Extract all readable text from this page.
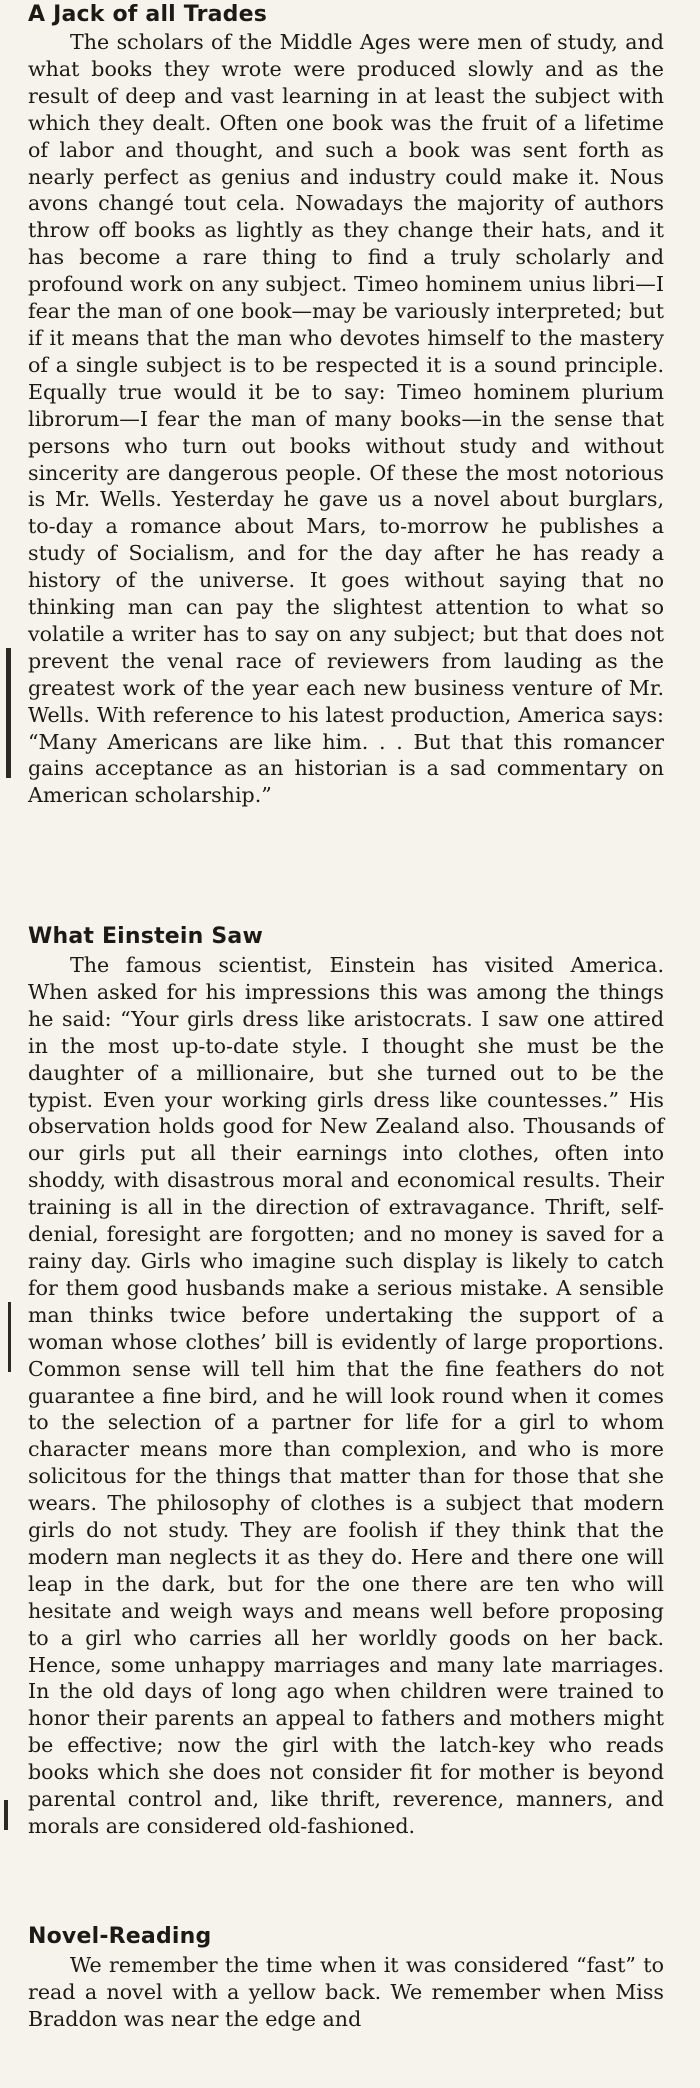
A Jack of all Trades

The scholars of the Middle Ages were men of study, and what books they wrote were produced slowly and as the result of deep and vast learning in at least the subject with which they dealt. Often one book was the fruit of a lifetime of labor and thought, and such a book was sent forth as nearly perfect as genius and industry could make it. Nous avons changé tout cela. Nowadays the majority of authors throw off books as lightly as they change their hats, and it has become a rare thing to find a truly scholarly and profound work on any subject. Timeo hominem unius libri—I fear the man of one book—may be variously interpreted; but if it means that the man who devotes himself to the mastery of a single subject is to be respected it is a sound principle. Equally true would it be to say: Timeo hominem plurium librorum—I fear the man of many books—in the sense that persons who turn out books without study and without sincerity are dangerous people. Of these the most notorious is Mr. Wells. Yesterday he gave us a novel about burglars, to-day a romance about Mars, to-morrow he publishes a study of Socialism, and for the day after he has ready a history of the universe. It goes without saying that no thinking man can pay the slightest attention to what so volatile a writer has to say on any subject; but that does not prevent the venal race of reviewers from lauding as the greatest work of the year each new business venture of Mr. Wells. With reference to his latest production, America says: “Many Americans are like him. . . But that this romancer gains acceptance as an historian is a sad commentary on American scholarship.”

What Einstein Saw

The famous scientist, Einstein has visited America. When asked for his impressions this was among the things he said: “Your girls dress like aristocrats. I saw one attired in the most up-to-date style. I thought she must be the daughter of a millionaire, but she turned out to be the typist. Even your working girls dress like countesses.” His observation holds good for New Zealand also. Thousands of our girls put all their earnings into clothes, often into shoddy, with disastrous moral and economical results. Their training is all in the direction of extravagance. Thrift, self-denial, foresight are forgotten; and no money is saved for a rainy day. Girls who imagine such display is likely to catch for them good husbands make a serious mistake. A sensible man thinks twice before undertaking the support of a woman whose clothes’ bill is evidently of large proportions. Common sense will tell him that the fine feathers do not guarantee a fine bird, and he will look round when it comes to the selection of a partner for life for a girl to whom character means more than complexion, and who is more solicitous for the things that matter than for those that she wears. The philosophy of clothes is a subject that modern girls do not study. They are foolish if they think that the modern man neglects it as they do. Here and there one will leap in the dark, but for the one there are ten who will hesitate and weigh ways and means well before proposing to a girl who carries all her worldly goods on her back. Hence, some unhappy marriages and many late marriages. In the old days of long ago when children were trained to honor their parents an appeal to fathers and mothers might be effective; now the girl with the latch-key who reads books which she does not consider fit for mother is beyond parental control and, like thrift, reverence, manners, and morals are considered old-fashioned.

Novel-Reading

We remember the time when it was considered “fast” to read a novel with a yellow back. We remember when Miss Braddon was near the edge and
